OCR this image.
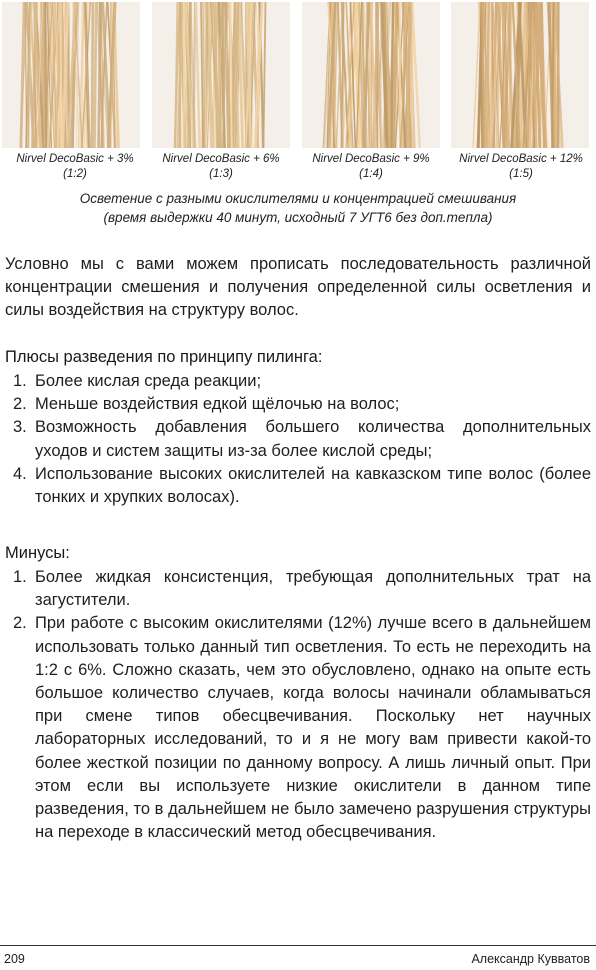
Nirvel DecoBasic + 3%
(1:2)
Nirvel DecoBasic + 6%
(1:3)
Nirvel DecoBasic + 9%
(1:4)
Nirvel DecoBasic + 12%
(1:5)
Осветение с разными окислителями и концентрацией смешивания
(время выдержки 40 минут, исходный 7 УГТ6 без доп.тепла)
Условно мы с вами можем прописать последовательность различной концентрации смешения и получения определенной силы осветления и силы воздействия на структуру волос.
Плюсы разведения по принципу пилинга:
1. Более кислая среда реакции;
2. Меньше воздействия едкой щёлочью на волос;
3. Возможность добавления большего количества дополнительных уходов и систем защиты из-за более кислой среды;
4. Использование высоких окислителей на кавказском типе волос (более тонких и хрупких волосах).
Минусы:
1. Более жидкая консистенция, требующая дополнительных трат на загустители.
2. При работе с высоким окислителями (12%) лучше всего в дальнейшем использовать только данный тип осветления. То есть не переходить на 1:2 с 6%. Сложно сказать, чем это обусловлено, однако на опыте есть большое количество случаев, когда волосы начинали обламываться при смене типов обесцвечивания. Поскольку нет научных лабораторных исследований, то и я не могу вам привести какой-то более жесткой позиции по данному вопросу. А лишь личный опыт. При этом если вы используете низкие окислители в данном типе разведения, то в дальнейшем не было замечено разрушения структуры на переходе в классический метод обесцвечивания.
209	Александр Кувватов
